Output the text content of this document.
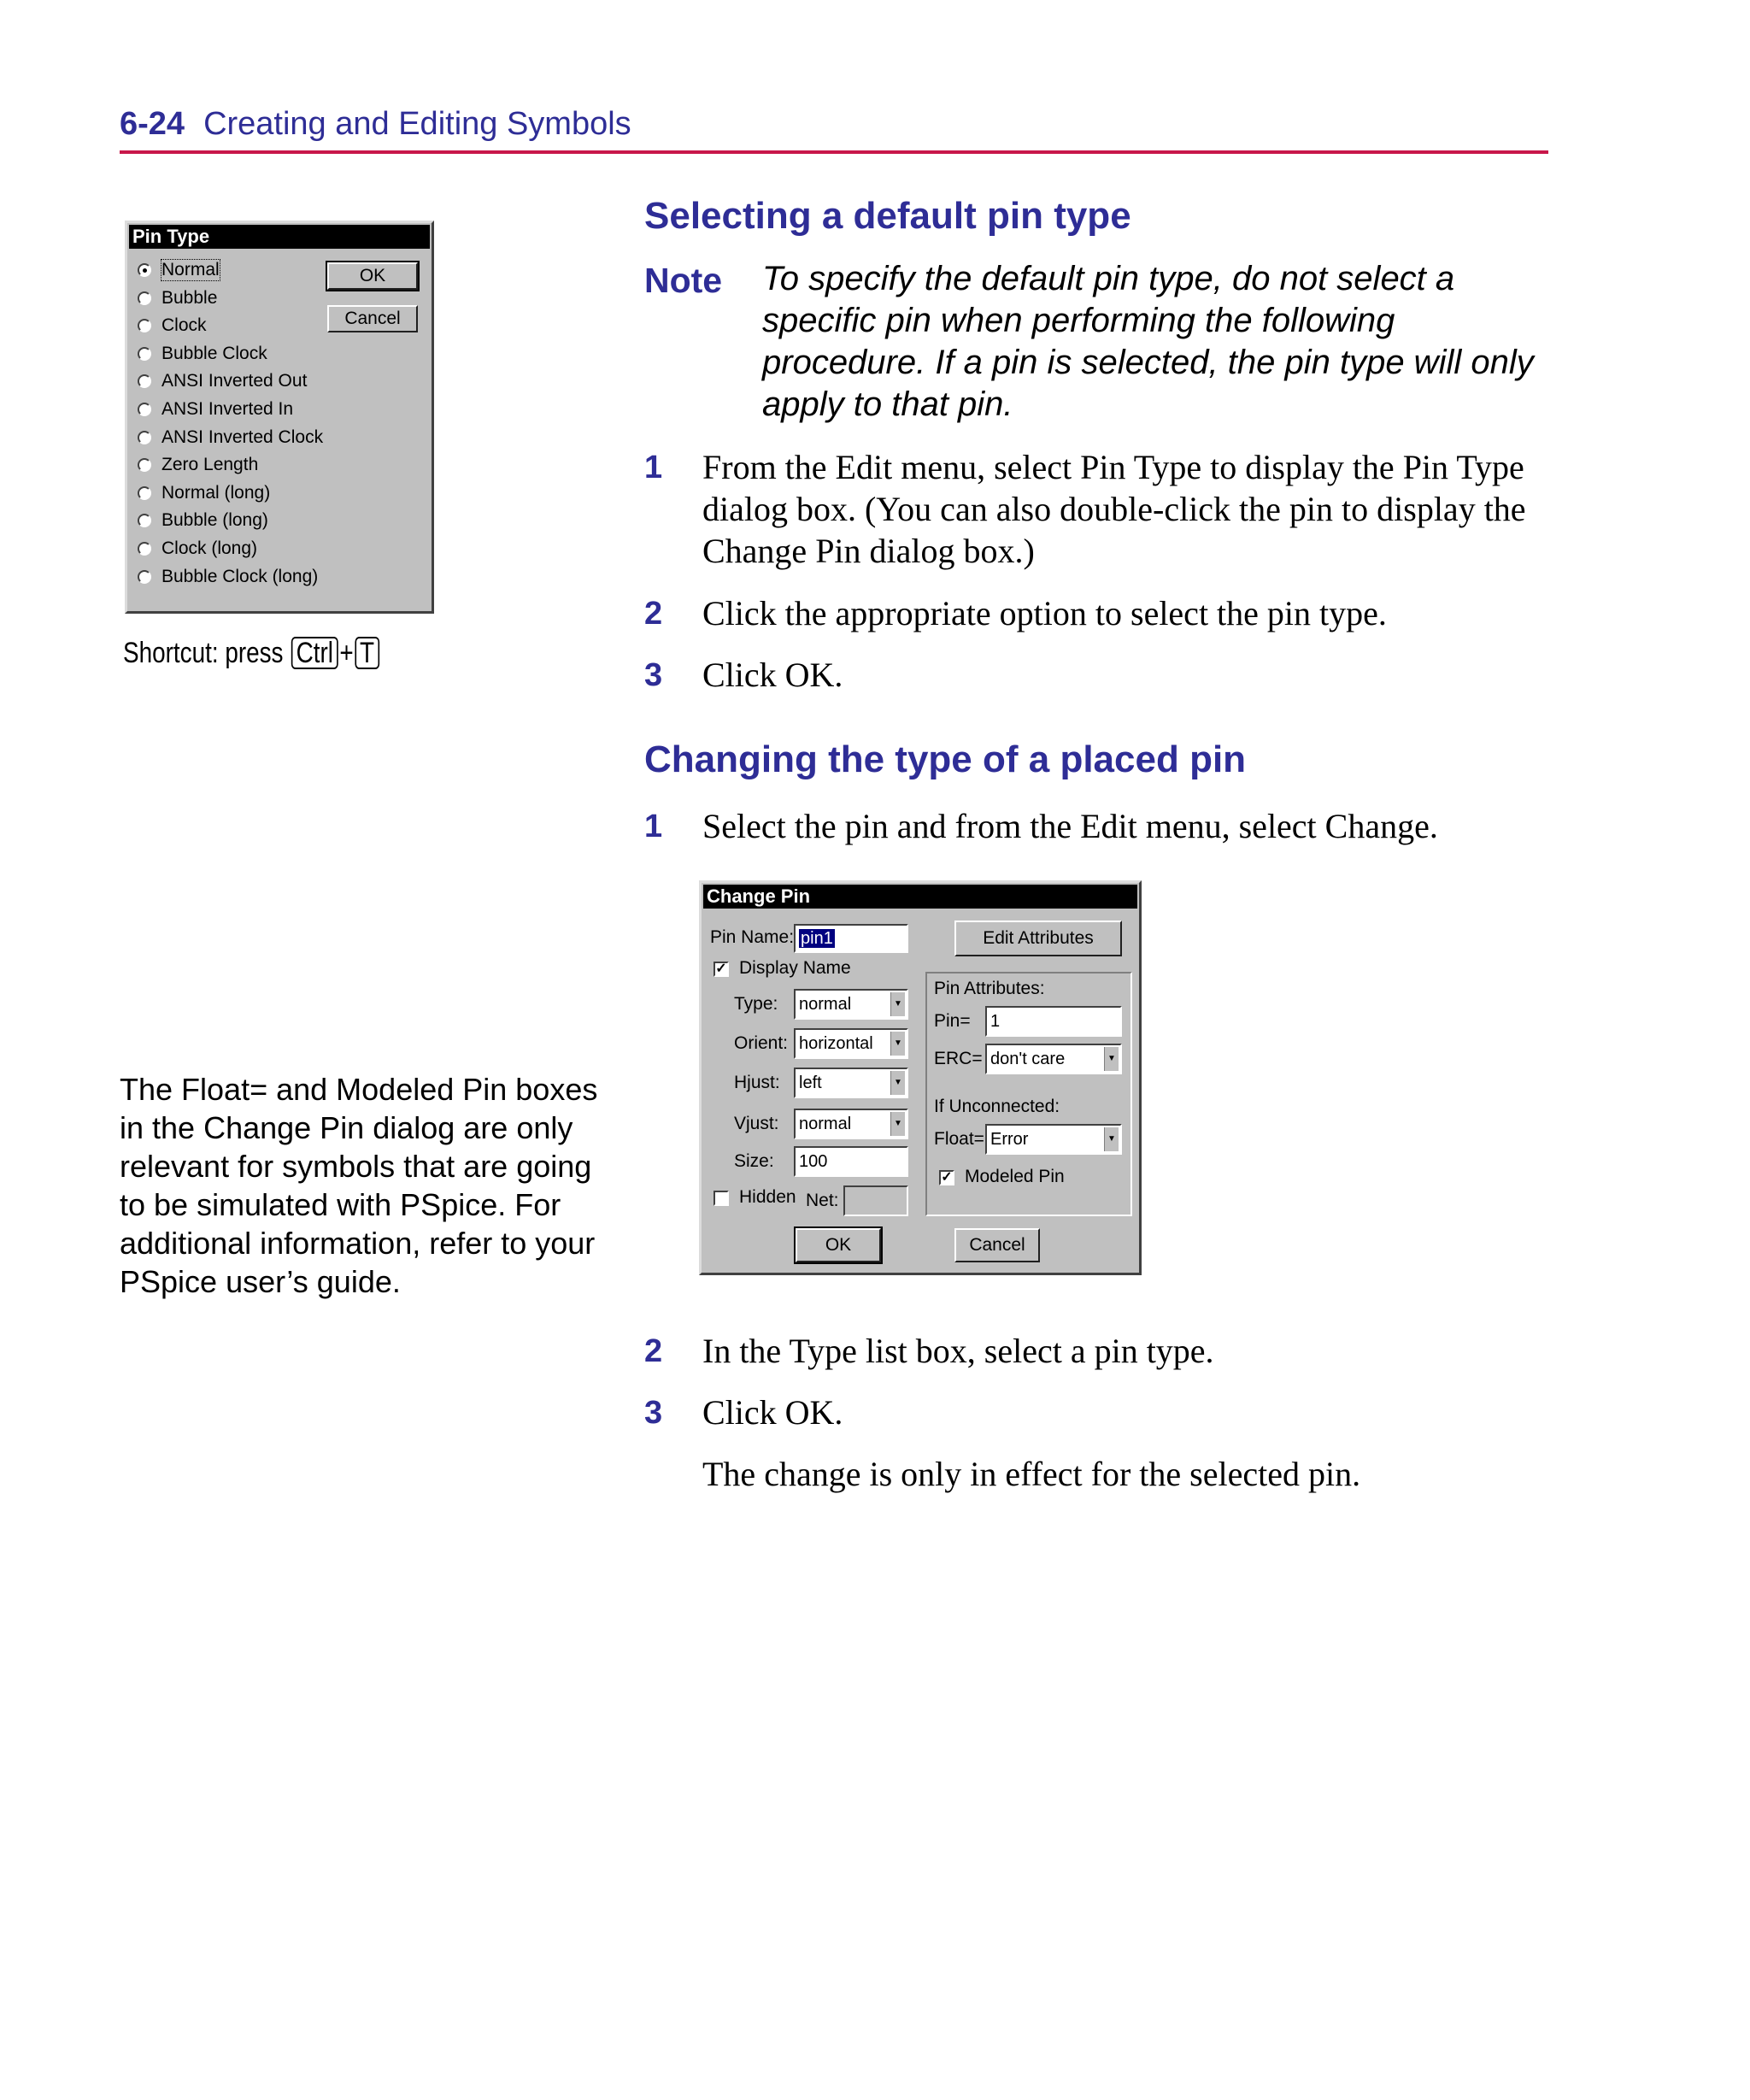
6-24 Creating and Editing Symbols
Pin Type
Normal
Bubble
Clock
Bubble Clock
ANSI Inverted Out
ANSI Inverted In
ANSI Inverted Clock
Zero Length
Normal (long)
Bubble (long)
Clock (long)
Bubble Clock (long)
OK
Cancel
Shortcut: press Ctrl + T
Selecting a default pin type
Note To specify the default pin type, do not select a specific pin when performing the following procedure. If a pin is selected, the pin type will only apply to that pin.
1 From the Edit menu, select Pin Type to display the Pin Type dialog box. (You can also double-click the pin to display the Change Pin dialog box.)
2 Click the appropriate option to select the pin type.
3 Click OK.
Changing the type of a placed pin
1 Select the pin and from the Edit menu, select Change.
Change Pin
Pin Name: pin1	Edit Attributes
✓ Display Name
Type:	normal	▼
Orient: horizontal	▼
Hjust:	left	▼
Vjust:	normal	▼
Size:	100
Hidden Net:
Pin Attributes:
Pin=	1
ERC= don't care	▼
If Unconnected:
Float= Error	▼
✓ Modeled Pin
OK	Cancel
2 In the Type list box, select a pin type.
3 Click OK.
The change is only in effect for the selected pin.
The Float= and Modeled Pin boxes in the Change Pin dialog are only relevant for symbols that are going to be simulated with PSpice. For additional information, refer to your PSpice user’s guide.
